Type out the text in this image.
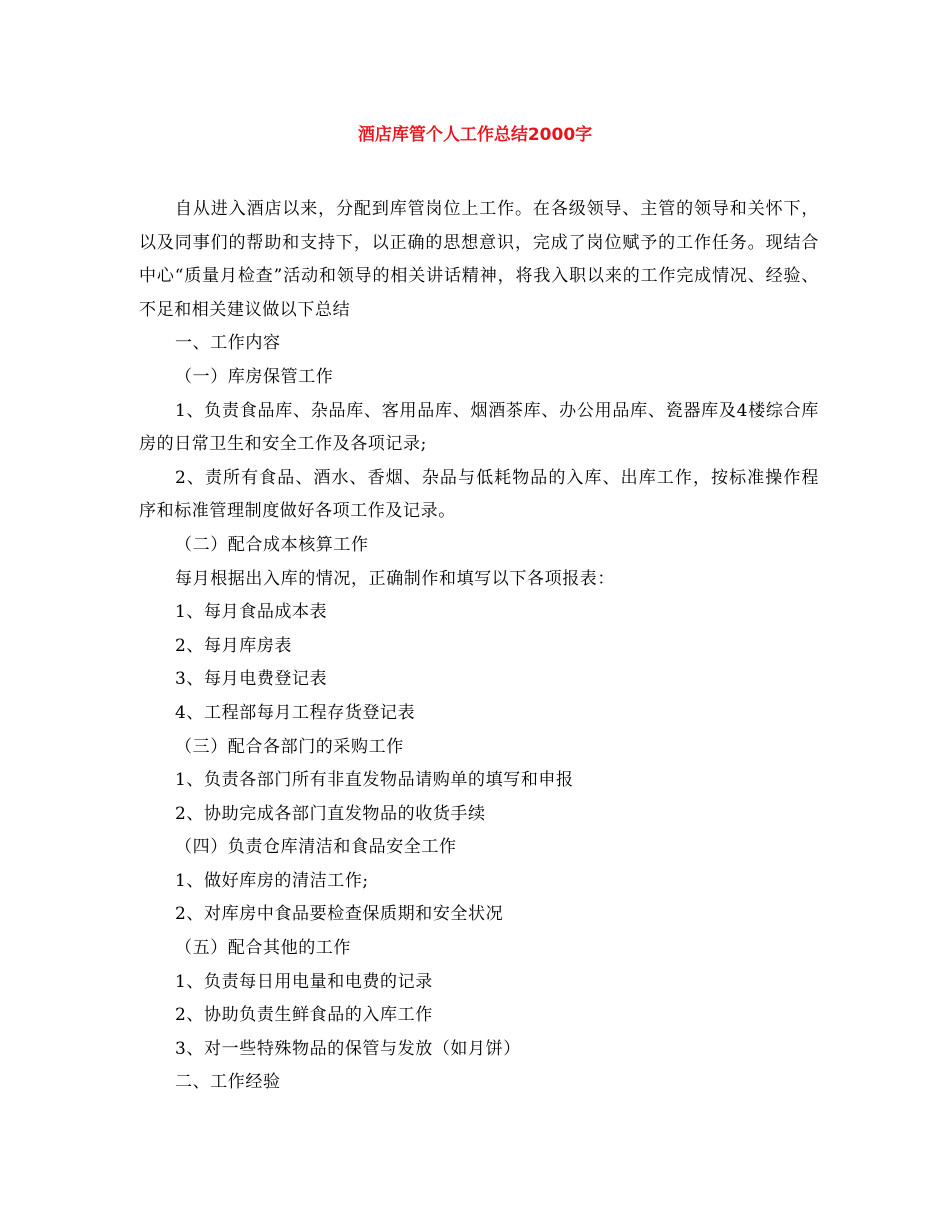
酒店库管个人工作总结2000字

自从进入酒店以来，分配到库管岗位上工作。在各级领导、主管的领导和关怀下，以及同事们的帮助和支持下，以正确的思想意识，完成了岗位赋予的工作任务。现结合中心“质量月检查”活动和领导的相关讲话精神，将我入职以来的工作完成情况、经验、不足和相关建议做以下总结

一、工作内容

（一）库房保管工作

1、负责食品库、杂品库、客用品库、烟酒茶库、办公用品库、瓷器库及4楼综合库房的日常卫生和安全工作及各项记录;

2、责所有食品、酒水、香烟、杂品与低耗物品的入库、出库工作，按标准操作程序和标准管理制度做好各项工作及记录。

（二）配合成本核算工作

每月根据出入库的情况，正确制作和填写以下各项报表：

1、每月食品成本表

2、每月库房表

3、每月电费登记表

4、工程部每月工程存货登记表

（三）配合各部门的采购工作

1、负责各部门所有非直发物品请购单的填写和申报

2、协助完成各部门直发物品的收货手续

（四）负责仓库清洁和食品安全工作

1、做好库房的清洁工作;

2、对库房中食品要检查保质期和安全状况

（五）配合其他的工作

1、负责每日用电量和电费的记录

2、协助负责生鲜食品的入库工作

3、对一些特殊物品的保管与发放（如月饼）

二、工作经验
